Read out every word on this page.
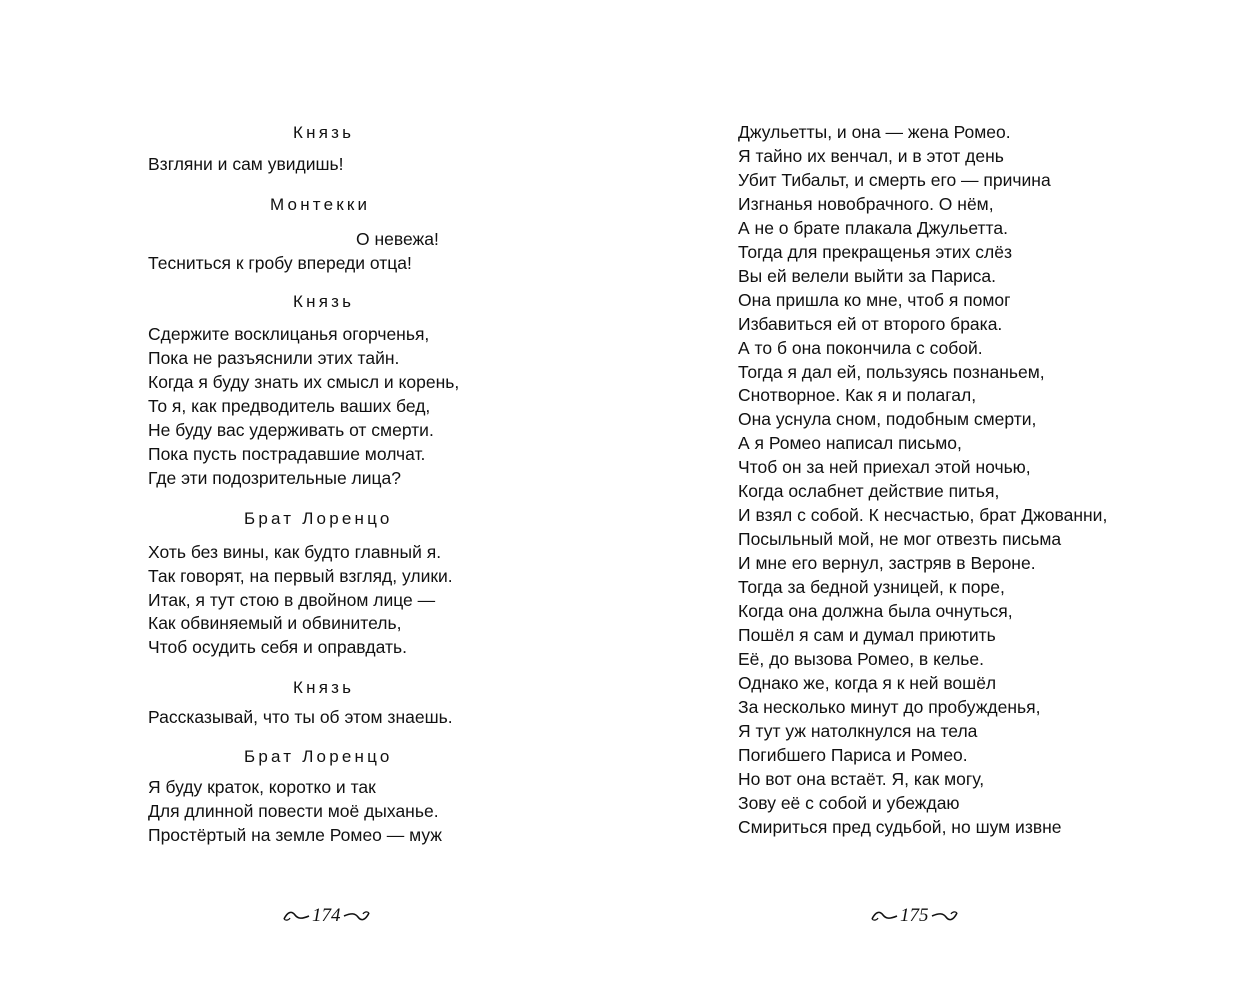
Князь
Взгляни и сам увидишь!
Монтекки
О невежа!
Тесниться к гробу впереди отца!
Князь
Сдержите восклицанья огорченья,
Пока не разъяснили этих тайн.
Когда я буду знать их смысл и корень,
То я, как предводитель ваших бед,
Не буду вас удерживать от смерти.
Пока пусть пострадавшие молчат.
Где эти подозрительные лица?
Брат Лоренцо
Хоть без вины, как будто главный я.
Так говорят, на первый взгляд, улики.
Итак, я тут стою в двойном лице —
Как обвиняемый и обвинитель,
Чтоб осудить себя и оправдать.
Князь
Рассказывай, что ты об этом знаешь.
Брат Лоренцо
Я буду краток, коротко и так
Для длинной повести моё дыханье.
Простёртый на земле Ромео — муж
174
Джульетты, и она — жена Ромео.
Я тайно их венчал, и в этот день
Убит Тибальт, и смерть его — причина
Изгнанья новобрачного. О нём,
А не о брате плакала Джульетта.
Тогда для прекращенья этих слёз
Вы ей велели выйти за Париса.
Она пришла ко мне, чтоб я помог
Избавиться ей от второго брака.
А то б она покончила с собой.
Тогда я дал ей, пользуясь познаньем,
Снотворное. Как я и полагал,
Она уснула сном, подобным смерти,
А я Ромео написал письмо,
Чтоб он за ней приехал этой ночью,
Когда ослабнет действие питья,
И взял с собой. К несчастью, брат Джованни,
Посыльный мой, не мог отвезть письма
И мне его вернул, застряв в Вероне.
Тогда за бедной узницей, к поре,
Когда она должна была очнуться,
Пошёл я сам и думал приютить
Её, до вызова Ромео, в келье.
Однако же, когда я к ней вошёл
За несколько минут до пробужденья,
Я тут уж натолкнулся на тела
Погибшего Париса и Ромео.
Но вот она встаёт. Я, как могу,
Зову её с собой и убеждаю
Смириться пред судьбой, но шум извне
175
